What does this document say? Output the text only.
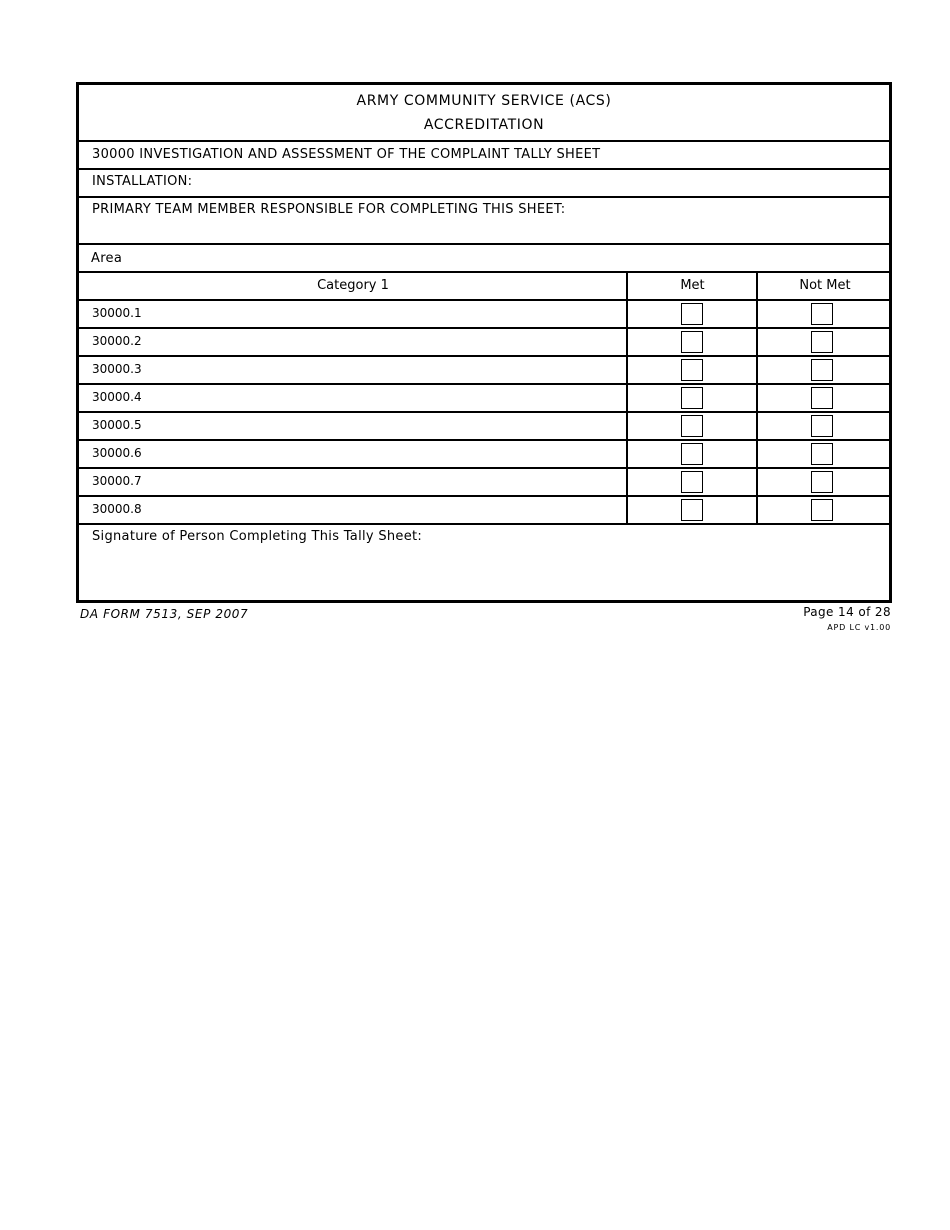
ARMY COMMUNITY SERVICE (ACS)
ACCREDITATION
30000 INVESTIGATION AND ASSESSMENT OF THE COMPLAINT TALLY SHEET
INSTALLATION:
PRIMARY TEAM MEMBER RESPONSIBLE FOR COMPLETING THIS SHEET:
Area
Category 1	Met	Not Met
30000.1
30000.2
30000.3
30000.4
30000.5
30000.6
30000.7
30000.8
Signature of Person Completing This Tally Sheet:
DA FORM 7513, SEP 2007	Page 14 of 28
APD LC v1.00
